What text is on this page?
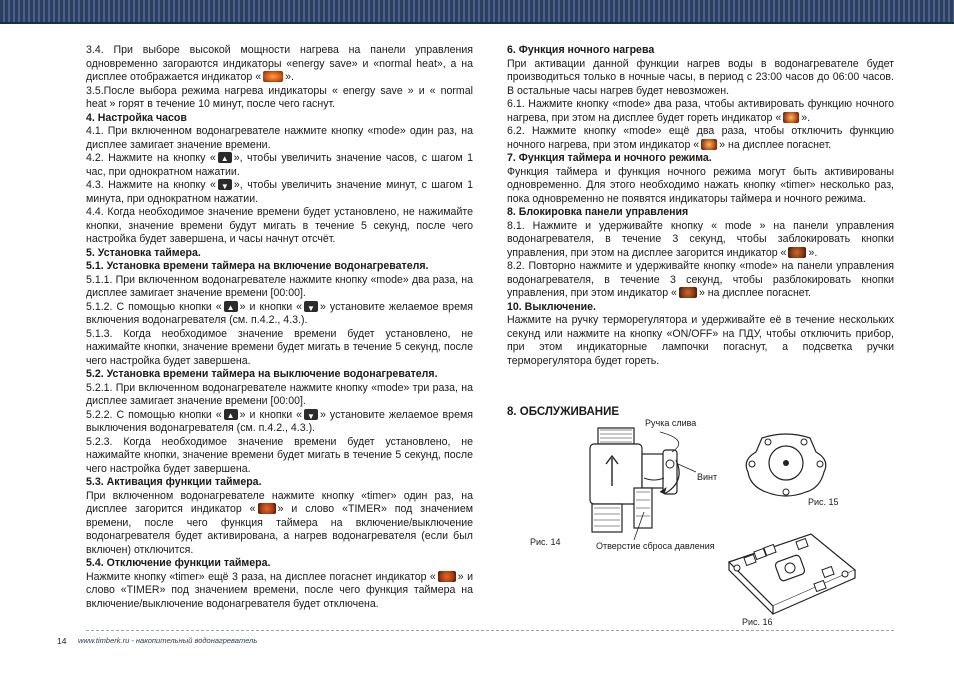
3.4. При выборе высокой мощности нагрева на панели управления одновременно загораются индикаторы «energy save» и «normal heat», а на дисплее отображается индикатор « ».

3.5.После выбора режима нагрева индикаторы « energy save » и « normal heat » горят в течение 10 минут, после чего гаснут.

4. Настройка часов

4.1. При включенном водонагревателе нажмите кнопку «mode» один раз, на дисплее замигает значение времени.

4.2. Нажмите на кнопку « ▲ », чтобы увеличить значение часов, с шагом 1 час, при однократном нажатии.

4.3. Нажмите на кнопку « ▼ », чтобы увеличить значение минут, с шагом 1 минута, при однократном нажатии.

4.4. Когда необходимое значение времени будет установлено, не нажимайте кнопки, значение времени будут мигать в течение 5 секунд, после чего настройка будет завершена, и часы начнут отсчёт.

5. Установка таймера.

5.1. Установка времени таймера на включение водонагревателя.

5.1.1. При включенном водонагревателе нажмите кнопку «mode» два раза, на дисплее замигает значение времени [00:00].

5.1.2. С помощью кнопки « ▲ » и кнопки « ▼ » установите желаемое время включения водонагревателя (см. п.4.2., 4.3.).

5.1.3. Когда необходимое значение времени будет установлено, не нажимайте кнопки, значение времени будет мигать в течение 5 секунд, после чего настройка будет завершена.

5.2. Установка времени таймера на выключение водонагревателя.

5.2.1. При включенном водонагревателе нажмите кнопку «mode» три раза, на дисплее замигает значение времени [00:00].

5.2.2. С помощью кнопки « ▲ » и кнопки « ▼ » установите желаемое время выключения водонагревателя (см. п.4.2., 4.3.).

5.2.3. Когда необходимое значение времени будет установлено, не нажимайте кнопки, значение времени будет мигать в течение 5 секунд, после чего настройка будет завершена.

5.3. Активация функции таймера.

При включенном водонагревателе нажмите кнопку «timer» один раз, на дисплее загорится индикатор « » и слово «TIMER» под значением времени, после чего функция таймера на включение/выключение водонагревателя будет активирована, а нагрев водонагревателя (если был включен) отключится.

5.4. Отключение функции таймера.

Нажмите кнопку «timer» ещё 3 раза, на дисплее погаснет индикатор « » и слово «TIMER» под значением времени, после чего функция таймера на включение/выключение водонагревателя будет отключена.

6. Функция ночного нагрева

При активации данной функции нагрев воды в водонагревателе будет производиться только в ночные часы, в период с 23:00 часов до 06:00 часов. В остальные часы нагрев будет невозможен.

6.1. Нажмите кнопку «mode» два раза, чтобы активировать функцию ночного нагрева, при этом на дисплее будет гореть индикатор « ».

6.2. Нажмите кнопку «mode» ещё два раза, чтобы отключить функцию ночного нагрева, при этом индикатор « » на дисплее погаснет.

7. Функция таймера и ночного режима.

Функция таймера и функция ночного режима могут быть активированы одновременно. Для этого необходимо нажать кнопку «timer» несколько раз, пока одновременно не появятся индикаторы таймера и ночного режима.

8. Блокировка панели управления

8.1. Нажмите и удерживайте кнопку « mode » на панели управления водонагревателя, в течение 3 секунд, чтобы заблокировать кнопки управления, при этом на дисплее загорится индикатор « ».

8.2. Повторно нажмите и удерживайте кнопку «mode» на панели управления водонагревателя, в течение 3 секунд, чтобы разблокировать кнопки управления, при этом индикатор « » на дисплее погаснет.

10. Выключение.

Нажмите на ручку терморегулятора и удерживайте её в течение нескольких секунд или нажмите на кнопку «ON/OFF» на ПДУ, чтобы отключить прибор, при этом индикаторные лампочки погаснут, а подсветка ручки терморегулятора будет гореть.

8. ОБСЛУЖИВАНИЕ
Ручка слива
Винт
Отверстие сброса давления
Рис. 14
Рис. 15
Рис. 16
14 www.timberk.ru - накопительный водонагреватель
